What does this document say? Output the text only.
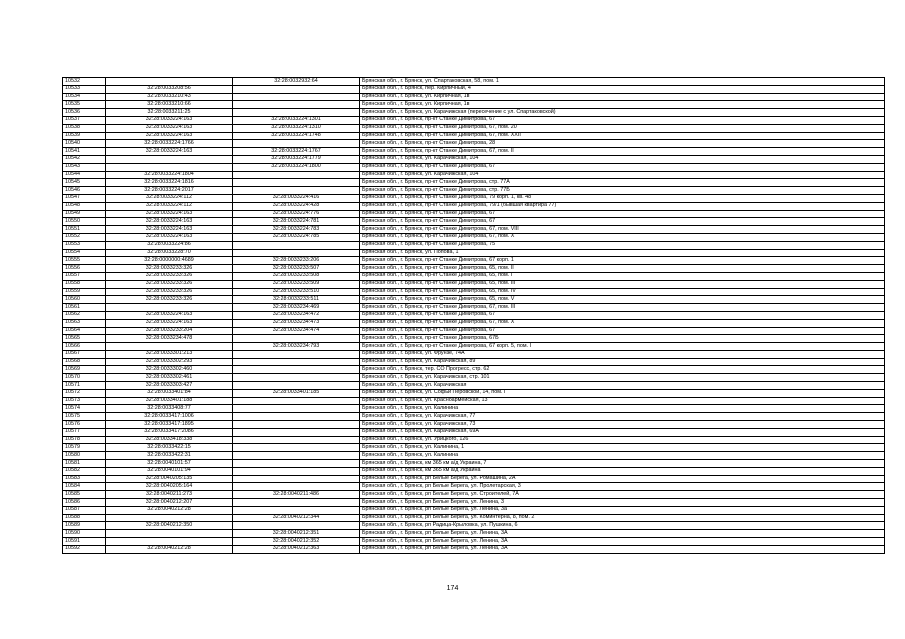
10532		32:28:0032932:64	Брянская обл., г. Брянск, ул. Спартаковская, 58, пом. 1
10533	32:28:0033208:56		Брянская обл., г. Брянск, пер. Кирпичный, 4
10534	32:28:0033210:43		Брянская обл., г. Брянск, ул. Кирпичная, 1в
10535	32:28:0033210:66		Брянская обл., г. Брянск, ул. Кирпичная, 1в
10536	32:28:0033211:25		Брянская обл., г. Брянск, ул. Карачижская (пересечение с ул. Спартаковской)
10537	32:28:0033224:163	32:28:0033224:1301	Брянская обл., г. Брянск, пр-кт Станке Димитрова, 67
10538	32:28:0033224:163	32:28:0033224:1310	Брянская обл., г. Брянск, пр-кт Станке Димитрова, 67, пом. 20
10539	32:28:0033224:163	32:28:0033224:1748	Брянская обл., г. Брянск, пр-кт Станке Димитрова, 67, пом. XXII
10540	32:28:0033224:1766		Брянская обл., г. Брянск, пр-кт Станке Димитрова, 28
10541	32:28:0033224:163	32:28:0033224:1767	Брянская обл., г. Брянск, пр-кт Станке Димитрова, 67, пом. II
10542		32:28:0033224:1779	Брянская обл., г. Брянск, ул. Карачижская, 104
10543		32:28:0033224:1800	Брянская обл., г. Брянск, пр-кт Станке Димитрова, 67
10544	32:28:0033224:1804		Брянская обл., г. Брянск, ул. Карачижская, 104
10545	32:28:0033224:1816		Брянская обл., г. Брянск, пр-кт Станке Димитрова, стр. 77А
10546	32:28:0033224:2017		Брянская обл., г. Брянск, пр-кт Станке Димитрова, стр. 77Б
10547	32:28:0033224:112	32:28:0033224:416	Брянская обл., г. Брянск, пр-кт Станке Димитрова, 79 корп. 1, кв. 48
10548	32:28:0033224:112	32:28:0033224:428	Брянская обл., г. Брянск, пр-кт Станке Димитрова, 79/1 (бывшая квартира 77)
10549	32:28:0033224:163	32:28:0033224:776	Брянская обл., г. Брянск, пр-кт Станке Димитрова, 67
10550	32:28:0033224:163	32:28:0033224:781	Брянская обл., г. Брянск, пр-кт Станке Димитрова, 67
10551	32:28:0033224:163	32:28:0033224:783	Брянская обл., г. Брянск, пр-кт Станке Димитрова, 67, пом. VIII
10552	32:28:0033224:163	32:28:0033224:785	Брянская обл., г. Брянск, пр-кт Станке Димитрова, 67, пом. X
10553	32:28:0033224:86		Брянская обл., г. Брянск, пр-кт Станке Димитрова, 75
10554	32:28:0033228:70		Брянская обл., г. Брянск, ул. Попова, 1
10555	32:28:0000000:4689	32:28:0033233:206	Брянская обл., г. Брянск, пр-кт Станке Димитрова, 67 корп. 1
10556	32:28:0033233:326	32:28:0033233:507	Брянская обл., г. Брянск, пр-кт Станке Димитрова, 65, пом. II
10557	32:28:0033233:326	32:28:0033233:508	Брянская обл., г. Брянск, пр-кт Станке Димитрова, 65, пом. I
10558	32:28:0033233:326	32:28:0033233:509	Брянская обл., г. Брянск, пр-кт Станке Димитрова, 65, пом. III
10559	32:28:0033233:326	32:28:0033233:510	Брянская обл., г. Брянск, пр-кт Станке Димитрова, 65, пом. IV
10560	32:28:0033233:326	32:28:0033233:511	Брянская обл., г. Брянск, пр-кт Станке Димитрова, 65, пом. V
10561		32:28:0033234:469	Брянская обл., г. Брянск, пр-кт Станке Димитрова, 67, пом. III
10562	32:28:0033224:163	32:28:0033234:472	Брянская обл., г. Брянск, пр-кт Станке Димитрова, 67
10563	32:28:0033224:163	32:28:0033234:473	Брянская обл., г. Брянск, пр-кт Станке Димитрова, 67, пом. X
10564	32:28:0033233:204	32:28:0033234:474	Брянская обл., г. Брянск, пр-кт Станке Димитрова, 67
10565	32:28:0033234:478		Брянская обл., г. Брянск, пр-кт Станке Димитрова, 67Б
10566		32:28:0033234:793	Брянская обл., г. Брянск, пр-кт Станке Димитрова, 67 корп. 5, пом. I
10567	32:28:0033301:213		Брянская обл., г. Брянск, ул. Фрунзе, 74А
10568	32:28:0033302:293		Брянская обл., г. Брянск, ул. Карачижская, 89
10569	32:28:0033302:460		Брянская обл., г. Брянск, тер. СО Прогресс, стр. 62
10570	32:28:0033302:461		Брянская обл., г. Брянск, ул. Карачижская, стр. 101
10571	32:28:0033303:427		Брянская обл., г. Брянск, ул. Карачижская
10572	32:28:0033401:84	32:28:0033401:185	Брянская обл., г. Брянск, ул. Софьи Перовской, 14, пом. I
10573	32:28:0033401:188		Брянская обл., г. Брянск, ул. Красноармейская, 13
10574	32:28:0033408:77		Брянская обл., г. Брянск, ул. Калинина
10575	32:28:0033417:1006		Брянская обл., г. Брянск, ул. Карачижская, 77
10576	32:28:0033417:1895		Брянская обл., г. Брянск, ул. Карачижская, 73
10577	32:28:0033417:2086		Брянская обл., г. Брянск, ул. Карачижская, 69А
10578	32:28:0033418:338		Брянская обл., г. Брянск, ул. Урицкого, 126
10579	32:28:0033422:15		Брянская обл., г. Брянск, ул. Калинина, 1
10580	32:28:0033422:31		Брянская обл., г. Брянск, ул. Калинина
10581	32:28:0040101:57		Брянская обл., г. Брянск, км 365 км а/д Украина, 7
10582	32:28:0040101:94		Брянская обл., г. Брянск, км 365 км а/д Украина
10583	32:28:0040205:135		Брянская обл., г. Брянск, рп Белые Берега, ул. Ромашина, 2А
10584	32:28:0040205:164		Брянская обл., г. Брянск, рп Белые Берега, ул. Пролетарская, 3
10585	32:28:0040211:273	32:28:0040211:486	Брянская обл., г. Брянск, рп Белые Берега, ул. Строителей, 7А
10586	32:28:0040212:207		Брянская обл., г. Брянск, рп Белые Берега, ул. Ленина, 3
10587	32:28:0040212:28		Брянская обл., г. Брянск, рп Белые Берега, ул. Ленина, 3а
10588		32:28:0040212:344	Брянская обл., г. Брянск, рп Белые Берега, ул. Коминтерна, 8, пом. 2
10589	32:28:0040212:350		Брянская обл., г. Брянск, рп Радица-Крыловка, ул. Пушкина, 6
10590		32:28:0040212:351	Брянская обл., г. Брянск, рп Белые Берега, ул. Ленина, 3А
10591		32:28:0040212:352	Брянская обл., г. Брянск, рп Белые Берега, ул. Ленина, 3А
10592	32:28:0040212:28	32:28:0040212:363	Брянская обл., г. Брянск, рп Белые Берега, ул. Ленина, 3А
174
